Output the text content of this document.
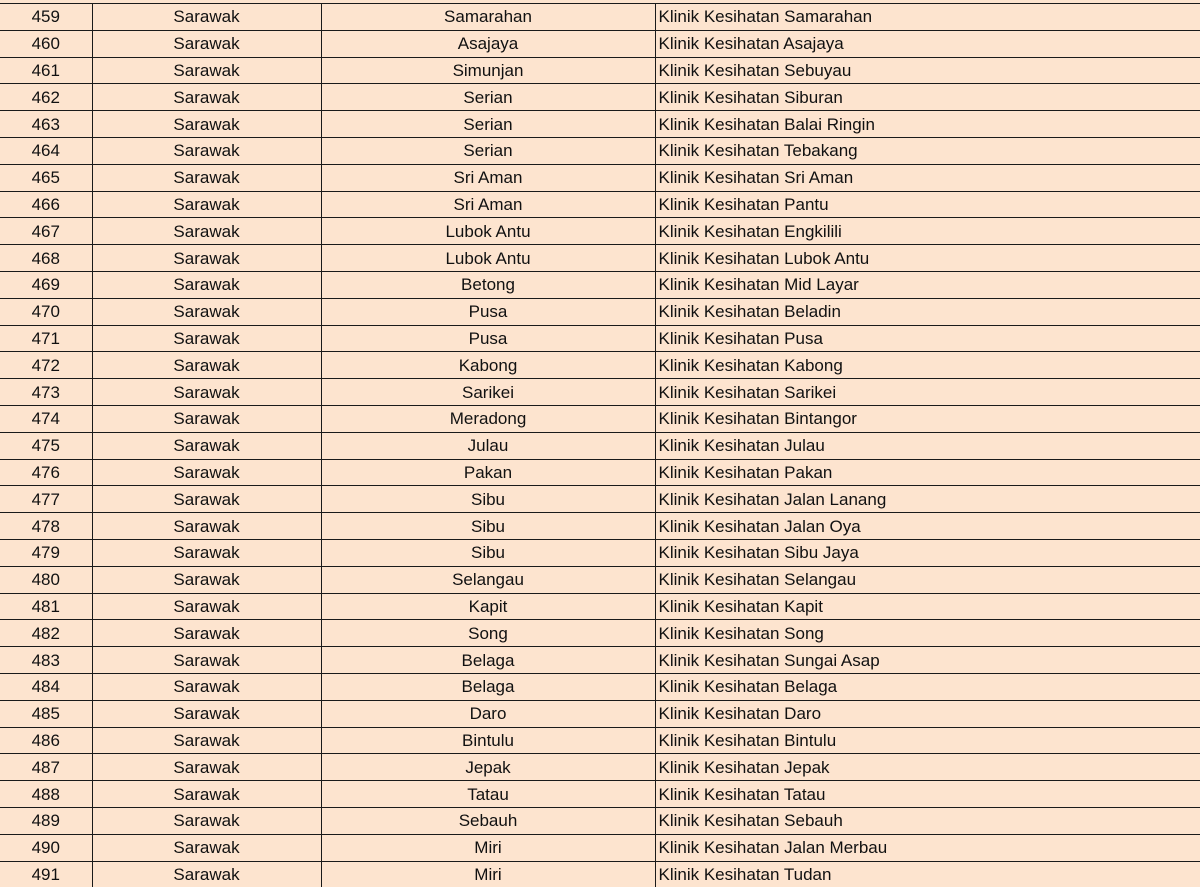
459	Sarawak	Samarahan	Klinik Kesihatan Samarahan
460	Sarawak	Asajaya	Klinik Kesihatan Asajaya
461	Sarawak	Simunjan	Klinik Kesihatan Sebuyau
462	Sarawak	Serian	Klinik Kesihatan Siburan
463	Sarawak	Serian	Klinik Kesihatan Balai Ringin
464	Sarawak	Serian	Klinik Kesihatan Tebakang
465	Sarawak	Sri Aman	Klinik Kesihatan Sri Aman
466	Sarawak	Sri Aman	Klinik Kesihatan Pantu
467	Sarawak	Lubok Antu	Klinik Kesihatan Engkilili
468	Sarawak	Lubok Antu	Klinik Kesihatan Lubok Antu
469	Sarawak	Betong	Klinik Kesihatan Mid Layar
470	Sarawak	Pusa	Klinik Kesihatan Beladin
471	Sarawak	Pusa	Klinik Kesihatan Pusa
472	Sarawak	Kabong	Klinik Kesihatan Kabong
473	Sarawak	Sarikei	Klinik Kesihatan Sarikei
474	Sarawak	Meradong	Klinik Kesihatan Bintangor
475	Sarawak	Julau	Klinik Kesihatan Julau
476	Sarawak	Pakan	Klinik Kesihatan Pakan
477	Sarawak	Sibu	Klinik Kesihatan Jalan Lanang
478	Sarawak	Sibu	Klinik Kesihatan Jalan Oya
479	Sarawak	Sibu	Klinik Kesihatan Sibu Jaya
480	Sarawak	Selangau	Klinik Kesihatan Selangau
481	Sarawak	Kapit	Klinik Kesihatan Kapit
482	Sarawak	Song	Klinik Kesihatan Song
483	Sarawak	Belaga	Klinik Kesihatan Sungai Asap
484	Sarawak	Belaga	Klinik Kesihatan Belaga
485	Sarawak	Daro	Klinik Kesihatan Daro
486	Sarawak	Bintulu	Klinik Kesihatan Bintulu
487	Sarawak	Jepak	Klinik Kesihatan Jepak
488	Sarawak	Tatau	Klinik Kesihatan Tatau
489	Sarawak	Sebauh	Klinik Kesihatan Sebauh
490	Sarawak	Miri	Klinik Kesihatan Jalan Merbau
491	Sarawak	Miri	Klinik Kesihatan Tudan
